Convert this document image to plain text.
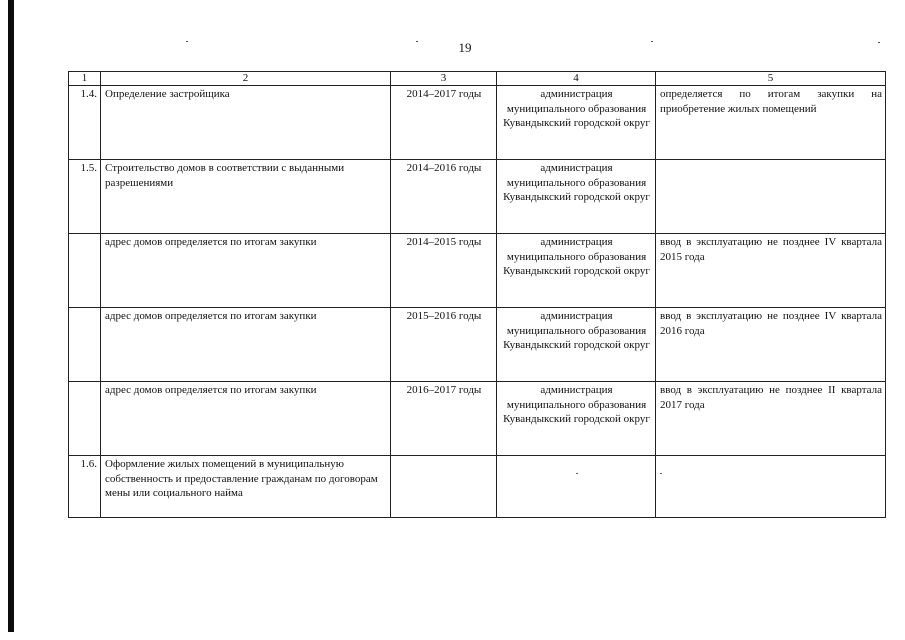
19
1	2	3	4	5
1.4.	Определение застройщика	2014–2017 годы	администрация муниципального образования Кувандыкский городской округ	определяется по итогам закупки на приобретение жилых помещений
1.5.	Строительство домов в соответствии с выданными разрешениями	2014–2016 годы	администрация муниципального образования Кувандыкский городской округ	
	адрес домов определяется по итогам закупки	2014–2015 годы	администрация муниципального образования Кувандыкский городской округ	ввод в эксплуатацию не позднее IV квартала 2015 года
	адрес домов определяется по итогам закупки	2015–2016 годы	администрация муниципального образования Кувандыкский городской округ	ввод в эксплуатацию не позднее IV квартала 2016 года
	адрес домов определяется по итогам закупки	2016–2017 годы	администрация муниципального образования Кувандыкский городской округ	ввод в эксплуатацию не позднее II квартала 2017 года
1.6.	Оформление жилых помещений в муниципальную собственность и предоставление гражданам по договорам мены или социального найма			
